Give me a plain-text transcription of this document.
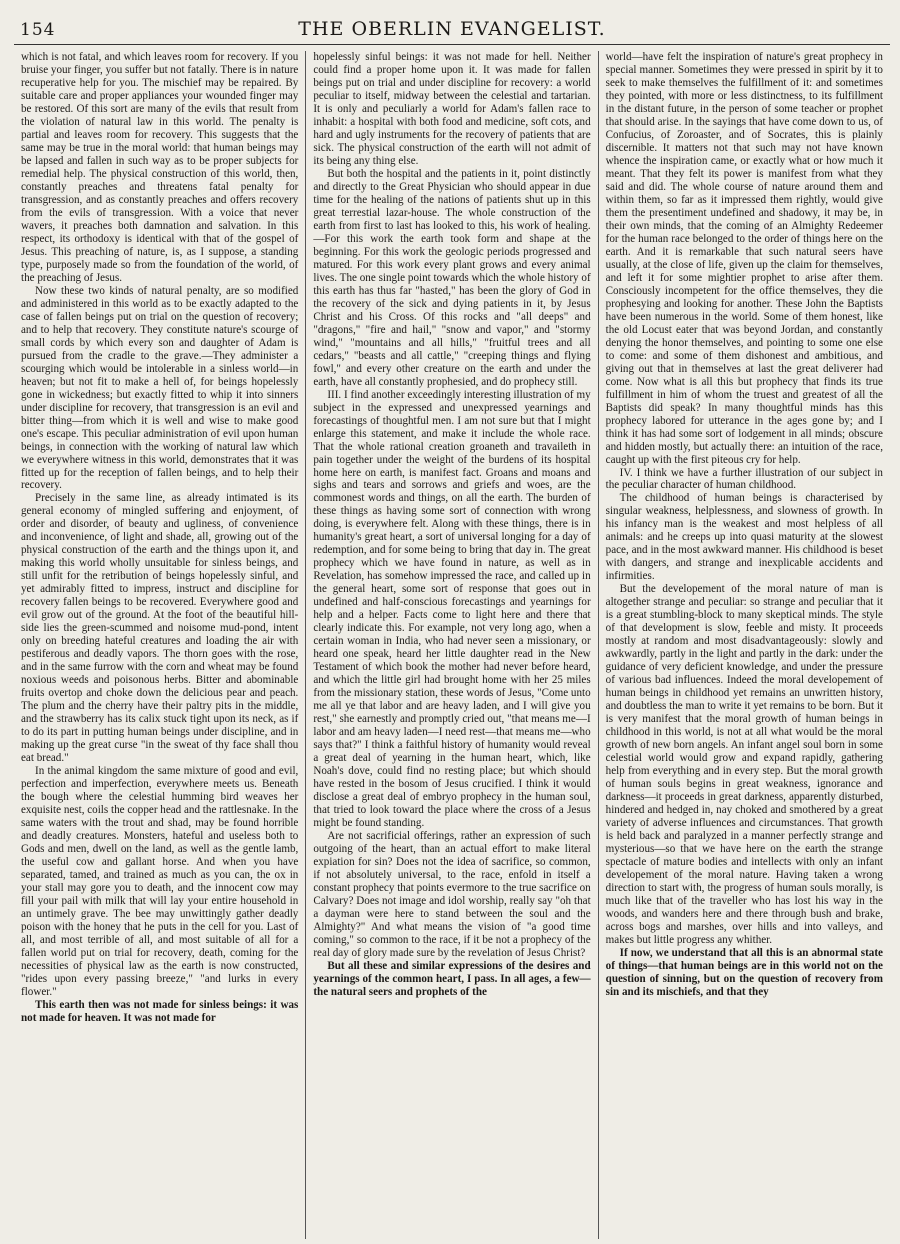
154	THE OBERLIN EVANGELIST.

which is not fatal, and which leaves room for recovery. If you bruise your finger, you suffer but not fatally. There is in nature recuperative help for you. The mischief may be repaired. By suitable care and proper appliances your wounded finger may be restored. Of this sort are many of the evils that result from the violation of natural law in this world. The penalty is partial and leaves room for recovery. This suggests that the same may be true in the moral world: that human beings may be lapsed and fallen in such way as to be proper subjects for remedial help. The physical construction of this world, then, constantly preaches and threatens fatal penalty for transgression, and as constantly preaches and offers recovery from the evils of transgression. With a voice that never wavers, it preaches both damnation and salvation. In this respect, its orthodoxy is identical with that of the gospel of Jesus. This preaching of nature, is, as I suppose, a standing type, purposely made so from the foundation of the world, of the preaching of Jesus.

Now these two kinds of natural penalty, are so modified and administered in this world as to be exactly adapted to the case of fallen beings put on trial on the question of recovery; and to help that recovery. They constitute nature's scourge of small cords by which every son and daughter of Adam is pursued from the cradle to the grave.—They administer a scourging which would be intolerable in a sinless world—in heaven; but not fit to make a hell of, for beings hopelessly gone in wickedness; but exactly fitted to whip it into sinners under discipline for recovery, that transgression is an evil and bitter thing—from which it is well and wise to make good one's escape. This peculiar administration of evil upon human beings, in connection with the working of natural law which we everywhere witness in this world, demonstrates that it was fitted up for the reception of fallen beings, and to help their recovery.

Precisely in the same line, as already intimated is its general economy of mingled suffering and enjoyment, of order and disorder, of beauty and ugliness, of convenience and inconvenience, of light and shade, all, growing out of the physical construction of the earth and the things upon it, and making this world wholly unsuitable for sinless beings, and still unfit for the retribution of beings hopelessly sinful, and yet admirably fitted to impress, instruct and discipline for recovery fallen beings to be recovered. Everywhere good and evil grow out of the ground. At the foot of the beautiful hill-side lies the green-scummed and noisome mud-pond, intent only on breeding hateful creatures and loading the air with pestiferous and deadly vapors. The thorn goes with the rose, and in the same furrow with the corn and wheat may be found noxious weeds and poisonous herbs. Bitter and abominable fruits overtop and choke down the delicious pear and peach. The plum and the cherry have their paltry pits in the middle, and the strawberry has its calix stuck tight upon its neck, as if to do its part in putting human beings under discipline, and in making up the great curse "in the sweat of thy face shall thou eat bread."

In the animal kingdom the same mixture of good and evil, perfection and imperfection, everywhere meets us. Beneath the bough where the celestial humming bird weaves her exquisite nest, coils the copper head and the rattlesnake. In the same waters with the trout and shad, may be found horrible and deadly creatures. Monsters, hateful and useless both to Gods and men, dwell on the land, as well as the gentle lamb, the useful cow and gallant horse. And when you have separated, tamed, and trained as much as you can, the ox in your stall may gore you to death, and the innocent cow may fill your pail with milk that will lay your entire household in an untimely grave. The bee may unwittingly gather deadly poison with the honey that he puts in the cell for you. Last of all, and most terrible of all, and most suitable of all for a fallen world put on trial for recovery, death, coming for the necessities of physical law as the earth is now constructed, "rides upon every passing breeze," "and lurks in every flower."

This earth then was not made for sinless beings: it was not made for heaven. It was not made for

hopelessly sinful beings: it was not made for hell. Neither could find a proper home upon it. It was made for fallen beings put on trial and under discipline for recovery: a world peculiar to itself, midway between the celestial and tartarian. It is only and peculiarly a world for Adam's fallen race to inhabit: a hospital with both food and medicine, soft cots, and hard and ugly instruments for the recovery of patients that are sick. The physical construction of the earth will not admit of its being any thing else.

But both the hospital and the patients in it, point distinctly and directly to the Great Physician who should appear in due time for the healing of the nations of patients shut up in this great terrestial lazar-house. The whole construction of the earth from first to last has looked to this, his work of healing.—For this work the earth took form and shape at the beginning. For this work the geologic periods progressed and matured. For this work every plant grows and every animal lives. The one single point towards which the whole history of this earth has thus far "hasted," has been the glory of God in the recovery of the sick and dying patients in it, by Jesus Christ and his Cross. Of this rocks and "all deeps" and "dragons," "fire and hail," "snow and vapor," and "stormy wind," "mountains and all hills," "fruitful trees and all cedars," "beasts and all cattle," "creeping things and flying fowl," and every other creature on the earth and under the earth, have all constantly prophesied, and do prophecy still.

III. I find another exceedingly interesting illustration of my subject in the expressed and unexpressed yearnings and forecastings of thoughtful men. I am not sure but that I might enlarge this statement, and make it include the whole race. That the whole rational creation groaneth and travaileth in pain together under the weight of the burdens of its hospital home here on earth, is manifest fact. Groans and moans and sighs and tears and sorrows and griefs and woes, are the commonest words and things, on all the earth. The burden of these things as having some sort of connection with wrong doing, is everywhere felt. Along with these things, there is in humanity's great heart, a sort of universal longing for a day of redemption, and for some being to bring that day in. The great prophecy which we have found in nature, as well as in Revelation, has somehow impressed the race, and called up in the general heart, some sort of response that goes out in undefined and half-conscious forecastings and yearnings for help and a helper. Facts come to light here and there that clearly indicate this. For example, not very long ago, when a certain woman in India, who had never seen a missionary, or heard one speak, heard her little daughter read in the New Testament of which book the mother had never before heard, and which the little girl had brought home with her 25 miles from the missionary station, these words of Jesus, "Come unto me all ye that labor and are heavy laden, and I will give you rest," she earnestly and promptly cried out, "that means me—I labor and am heavy laden—I need rest—that means me—who says that?" I think a faithful history of humanity would reveal a great deal of yearning in the human heart, which, like Noah's dove, could find no resting place; but which should have rested in the bosom of Jesus crucified. I think it would disclose a great deal of embryo prophecy in the human soul, that tried to look toward the place where the cross of a Jesus might be found standing.

Are not sacrificial offerings, rather an expression of such outgoing of the heart, than an actual effort to make literal expiation for sin? Does not the idea of sacrifice, so common, if not absolutely universal, to the race, enfold in itself a constant prophecy that points evermore to the true sacrifice on Calvary? Does not image and idol worship, really say "oh that a dayman were here to stand between the soul and the Almighty?" And what means the vision of "a good time coming," so common to the race, if it be not a prophecy of the real day of glory made sure by the revelation of Jesus Christ?

But all these and similar expressions of the desires and yearnings of the common heart, I pass. In all ages, a few—the natural seers and prophets of the

world—have felt the inspiration of nature's great prophecy in special manner. Sometimes they were pressed in spirit by it to seek to make themselves the fulfillment of it: and sometimes they pointed, with more or less distinctness, to its fulfillment in the distant future, in the person of some teacher or prophet that should arise. In the sayings that have come down to us, of Confucius, of Zoroaster, and of Socrates, this is plainly discernible. It matters not that such may not have known whence the inspiration came, or exactly what or how much it meant. That they felt its power is manifest from what they said and did. The whole course of nature around them and within them, so far as it impressed them rightly, would give them the presentiment undefined and shadowy, it may be, in their own minds, that the coming of an Almighty Redeemer for the human race belonged to the order of things here on the earth. And it is remarkable that such natural seers have usually, at the close of life, given up the claim for themselves, and left it for some mightier prophet to arise after them. Consciously incompetent for the office themselves, they die prophesying and looking for another. These John the Baptists have been numerous in the world. Some of them honest, like the old Locust eater that was beyond Jordan, and constantly denying the honor themselves, and pointing to some one else to come: and some of them dishonest and ambitious, and giving out that in themselves at last the great deliverer had come. Now what is all this but prophecy that finds its true fulfillment in him of whom the truest and greatest of all the Baptists did speak? In many thoughtful minds has this prophecy labored for utterance in the ages gone by; and I think it has had some sort of lodgement in all minds; obscure and hidden mostly, but actually there: an intuition of the race, caught up with the first piteous cry for help.

IV. I think we have a further illustration of our subject in the peculiar character of human childhood.

The childhood of human beings is characterised by singular weakness, helplessness, and slowness of growth. In his infancy man is the weakest and most helpless of all animals: and he creeps up into quasi maturity at the slowest pace, and in the most awkward manner. His childhood is beset with dangers, and strange and inexplicable accidents and infirmities.

But the developement of the moral nature of man is altogether strange and peculiar: so strange and peculiar that it is a great stumbling-block to many skeptical minds. The style of that development is slow, feeble and misty. It proceeds mostly at random and most disadvantageously: slowly and awkwardly, partly in the light and partly in the dark: under the guidance of very deficient knowledge, and under the pressure of various bad influences. Indeed the moral developement of human beings in childhood yet remains an unwritten history, and doubtless the man to write it yet remains to be born. But it is very manifest that the moral growth of human beings in childhood in this world, is not at all what would be the moral growth of new born angels. An infant angel soul born in some celestial world would grow and expand rapidly, gathering help from everything and in every step. But the moral growth of human souls begins in great weakness, ignorance and darkness—it proceeds in great darkness, apparently disturbed, hindered and hedged in, nay choked and smothered by a great variety of adverse influences and circumstances. That growth is held back and paralyzed in a manner perfectly strange and mysterious—so that we have here on the earth the strange spectacle of mature bodies and intellects with only an infant developement of the moral nature. Having taken a wrong direction to start with, the progress of human souls morally, is much like that of the traveller who has lost his way in the woods, and wanders here and there through bush and brake, across bogs and marshes, over hills and into valleys, and makes but little progress any whither.

If now, we understand that all this is an abnormal state of things—that human beings are in this world not on the question of sinning, but on the question of recovery from sin and its mischiefs, and that they
